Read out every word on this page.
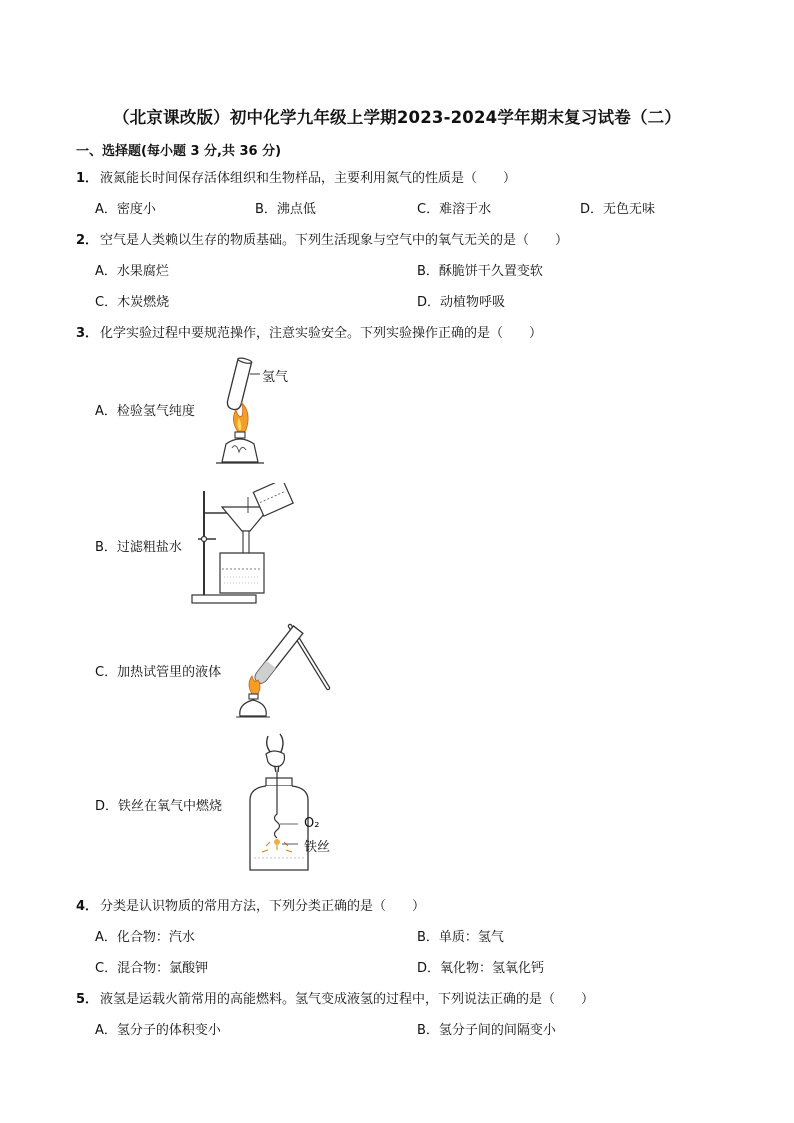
（北京课改版）初中化学九年级上学期2023-2024学年期末复习试卷（二）
一、选择题(每小题 3 分,共 36 分)
1． 液氮能长时间保存活体组织和生物样品，主要利用氮气的性质是（　　）
A．密度小	B．沸点低	C．难溶于水	D．无色无味
2． 空气是人类赖以生存的物质基础。下列生活现象与空气中的氧气无关的是（　　）
A．水果腐烂	B．酥脆饼干久置变软
C．木炭燃烧	D．动植物呼吸
3． 化学实验过程中要规范操作，注意实验安全。下列实验操作正确的是（　　）
A．检验氢气纯度
氢气
B．过滤粗盐水
C．加热试管里的液体
D．铁丝在氧气中燃烧
O₂
铁丝
4． 分类是认识物质的常用方法，下列分类正确的是（　　）
A．化合物：汽水	B．单质：氢气
C．混合物：氯酸钾	D．氧化物：氢氧化钙
5． 液氢是运载火箭常用的高能燃料。氢气变成液氢的过程中，下列说法正确的是（　　）
A．氢分子的体积变小	B．氢分子间的间隔变小
